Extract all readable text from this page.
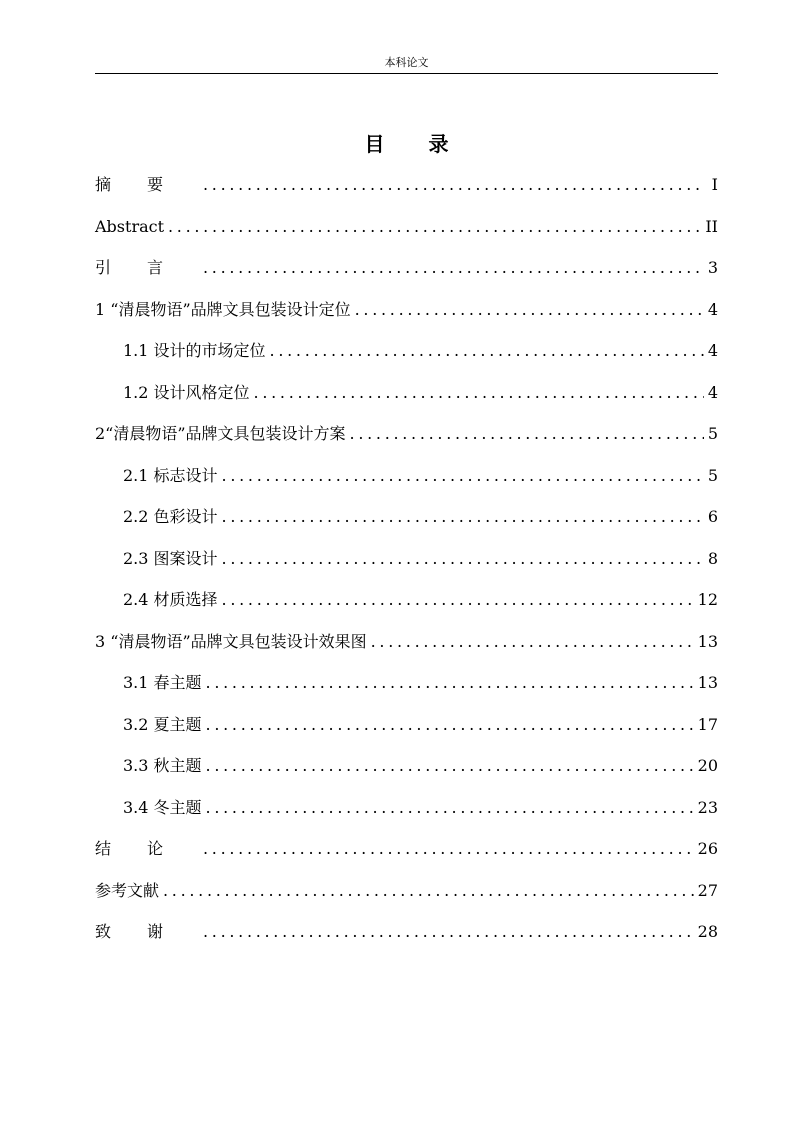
本科论文
目录
摘要 .....	I
Abstract .....	II
引言 .....	3
1 “清晨物语”品牌文具包装设计定位 .....	4
1.1 设计的市场定位 .....	4
1.2 设计风格定位 .....	4
2“清晨物语”品牌文具包装设计方案 .....	5
2.1 标志设计 .....	5
2.2 色彩设计 .....	6
2.3 图案设计 .....	8
2.4 材质选择 .....	12
3 “清晨物语”品牌文具包装设计效果图 .....	13
3.1 春主题 .....	13
3.2 夏主题 .....	17
3.3 秋主题 .....	20
3.4 冬主题 .....	23
结论 .....	26
参考文献 .....	27
致谢 .....	28
